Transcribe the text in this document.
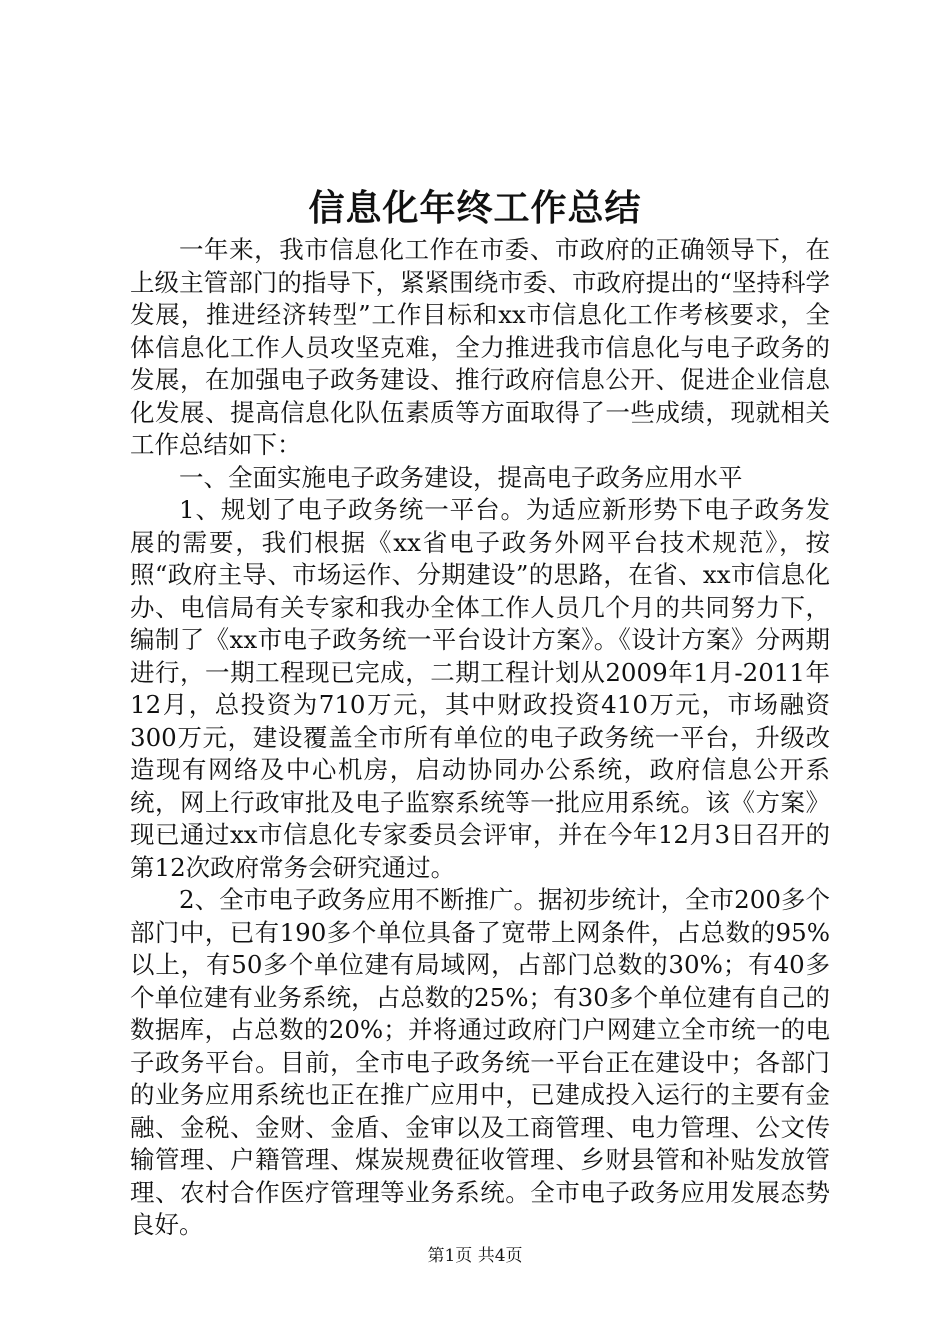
信息化年终工作总结

一年来，我市信息化工作在市委、市政府的正确领导下，在上级主管部门的指导下，紧紧围绕市委、市政府提出的“坚持科学发展，推进经济转型”工作目标和xx市信息化工作考核要求，全体信息化工作人员攻坚克难，全力推进我市信息化与电子政务的发展，在加强电子政务建设、推行政府信息公开、促进企业信息化发展、提高信息化队伍素质等方面取得了一些成绩，现就相关工作总结如下：

一、全面实施电子政务建设，提高电子政务应用水平

1、规划了电子政务统一平台。为适应新形势下电子政务发展的需要，我们根据《xx省电子政务外网平台技术规范》，按照“政府主导、市场运作、分期建设”的思路，在省、xx市信息化办、电信局有关专家和我办全体工作人员几个月的共同努力下，编制了《xx市电子政务统一平台设计方案》。《设计方案》分两期进行，一期工程现已完成，二期工程计划从2009年1月-2011年12月，总投资为710万元，其中财政投资410万元，市场融资300万元，建设覆盖全市所有单位的电子政务统一平台，升级改造现有网络及中心机房，启动协同办公系统，政府信息公开系统，网上行政审批及电子监察系统等一批应用系统。该《方案》现已通过xx市信息化专家委员会评审，并在今年12月3日召开的第12次政府常务会研究通过。

2、全市电子政务应用不断推广。据初步统计，全市200多个部门中，已有190多个单位具备了宽带上网条件，占总数的95%以上，有50多个单位建有局域网，占部门总数的30%；有40多个单位建有业务系统，占总数的25%；有30多个单位建有自己的数据库，占总数的20%；并将通过政府门户网建立全市统一的电子政务平台。目前，全市电子政务统一平台正在建设中；各部门的业务应用系统也正在推广应用中，已建成投入运行的主要有金融、金税、金财、金盾、金审以及工商管理、电力管理、公文传输管理、户籍管理、煤炭规费征收管理、乡财县管和补贴发放管理、农村合作医疗管理等业务系统。全市电子政务应用发展态势良好。

第1页 共4页
